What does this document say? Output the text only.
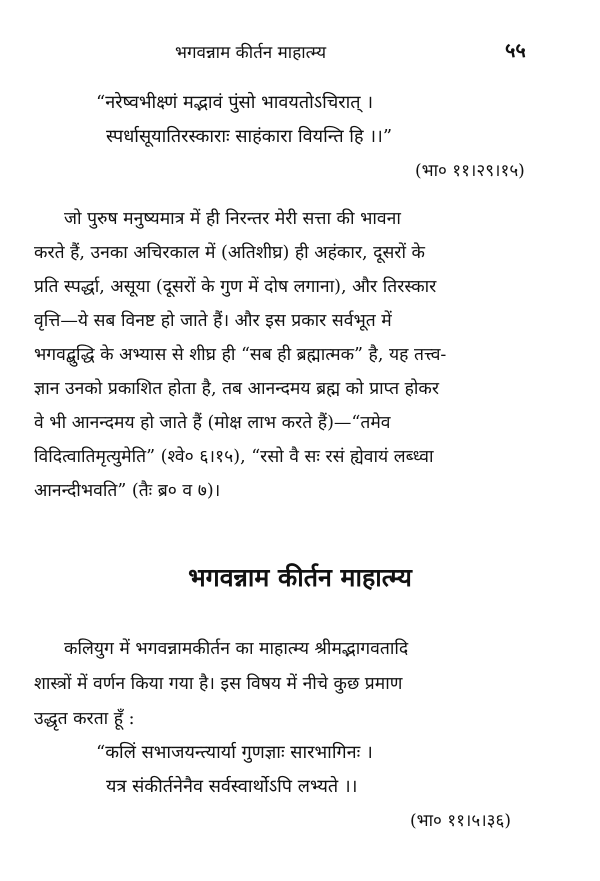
भगवन्नाम कीर्तन माहात्म्य	५५
“नरेष्वभीक्ष्णं मद्भावं पुंसो भावयतोऽचिरात् ।
स्पर्धासूयातिरस्काराः साहंकारा वियन्ति हि ।।”
(भा० ११।२९।१५)
जो पुरुष मनुष्यमात्र में ही निरन्तर मेरी सत्ता की भावना
करते हैं, उनका अचिरकाल में (अतिशीघ्र) ही अहंकार, दूसरों के
प्रति स्पर्द्धा, असूया (दूसरों के गुण में दोष लगाना), और तिरस्कार
वृत्ति—ये सब विनष्ट हो जाते हैं। और इस प्रकार सर्वभूत में
भगवद्बुद्धि के अभ्यास से शीघ्र ही “सब ही ब्रह्मात्मक” है, यह तत्त्व-
ज्ञान उनको प्रकाशित होता है, तब आनन्दमय ब्रह्म को प्राप्त होकर
वे भी आनन्दमय हो जाते हैं (मोक्ष लाभ करते हैं)—“तमेव
विदित्वातिमृत्युमेति” (श्वे० ६।१५), “रसो वै सः रसं ह्येवायं लब्ध्वा
आनन्दीभवति” (तैः ब्र० व ७)।
भगवन्नाम कीर्तन माहात्म्य
कलियुग में भगवन्नामकीर्तन का माहात्म्य श्रीमद्भागवतादि
शास्त्रों में वर्णन किया गया है। इस विषय में नीचे कुछ प्रमाण
उद्धृत करता हूँ :
“कलिं सभाजयन्त्यार्या गुणज्ञाः सारभागिनः ।
यत्र संकीर्तनेनैव सर्वस्वार्थोऽपि लभ्यते ।।
(भा० ११।५।३६)
